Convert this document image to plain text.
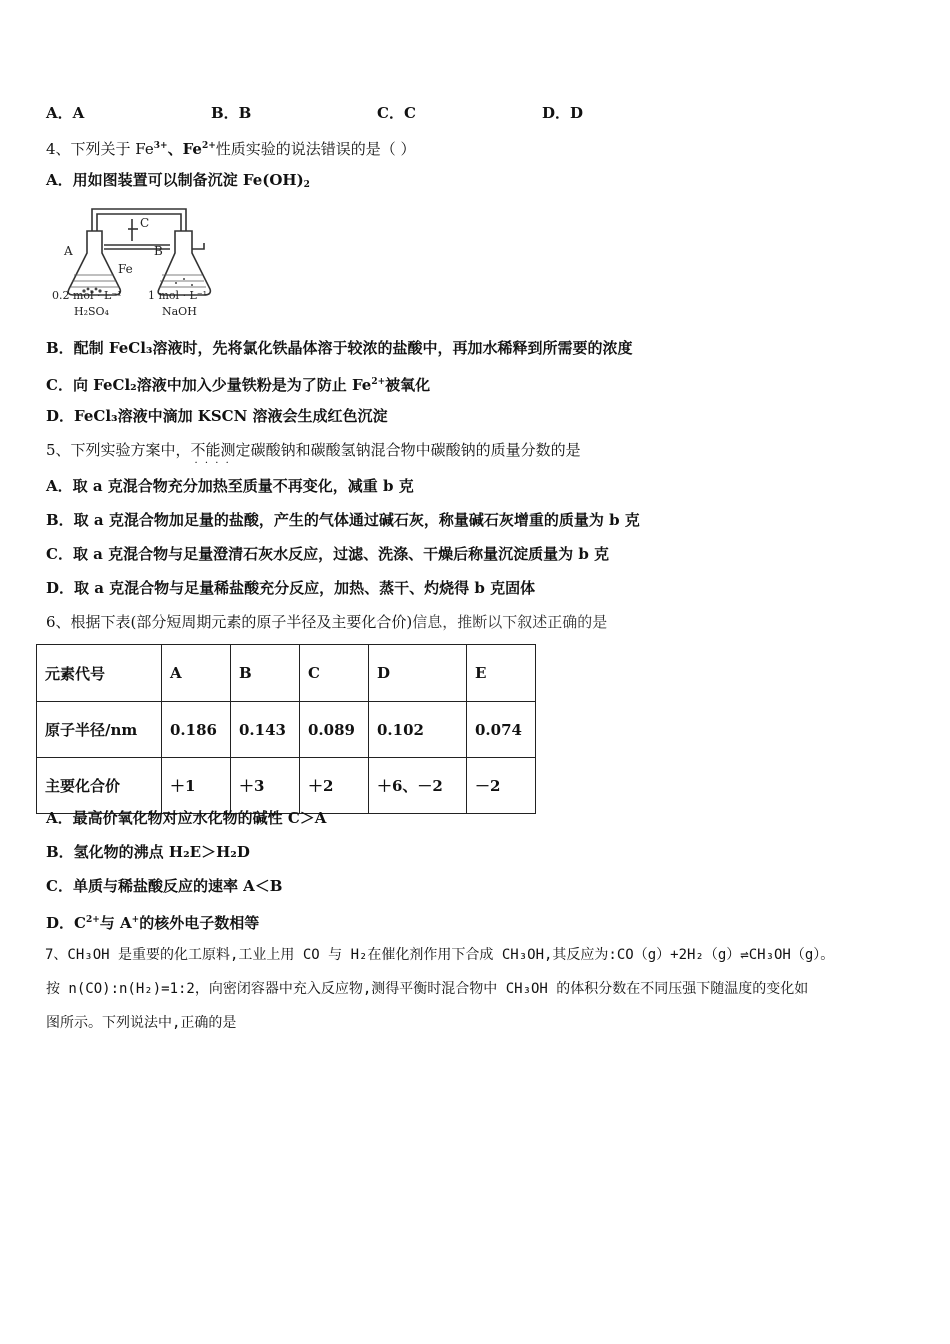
A．A	B．B	C．C	D．D
4、下列关于 $Fe^{3+}$、$Fe^{2+}$性质实验的说法错误的是（ ）
A．用如图装置可以制备沉淀 $Fe(OH)_2$
A	B
C
Fe
0.2 mol · L⁻¹
H₂SO₄
1 mol · L⁻¹
NaOH
B．配制 FeCl₃溶液时，先将氯化铁晶体溶于较浓的盐酸中，再加水稀释到所需要的浓度
C．向 FeCl₂溶液中加入少量铁粉是为了防止 $Fe^{2+}$被氧化
D．FeCl₃溶液中滴加 KSCN 溶液会生成红色沉淀
5、下列实验方案中，不能测定 · · · ·碳酸钠和碳酸氢钠混合物中碳酸钠的质量分数的是
A．取 a 克混合物充分加热至质量不再变化，减重 b 克
B．取 a 克混合物加足量的盐酸，产生的气体通过碱石灰，称量碱石灰增重的质量为 b 克
C．取 a 克混合物与足量澄清石灰水反应，过滤、洗涤、干燥后称量沉淀质量为 b 克
D．取 a 克混合物与足量稀盐酸充分反应，加热、蒸干、灼烧得 b 克固体
6、根据下表(部分短周期元素的原子半径及主要化合价)信息，推断以下叙述正确的是
元素代号	A	B	C	D	E
原子半径/nm	0.186	0.143	0.089	0.102	0.074
主要化合价	＋1	＋3	＋2	＋6、－2	－2
A．最高价氧化物对应水化物的碱性 C＞A
B．氢化物的沸点 H₂E＞H₂D
C．单质与稀盐酸反应的速率 A＜B
D．$C^{2+}$与 A+的核外电子数相等
7、CH₃OH 是重要的化工原料,工业上用 CO 与 H₂在催化剂作用下合成 CH₃OH,其反应为:CO（g）+2H₂（g）⇌CH₃OH（g）。
按 n(CO):n(H₂)=1:2，向密闭容器中充入反应物,测得平衡时混合物中 CH₃OH 的体积分数在不同压强下随温度的变化如
图所示。下列说法中,正确的是
